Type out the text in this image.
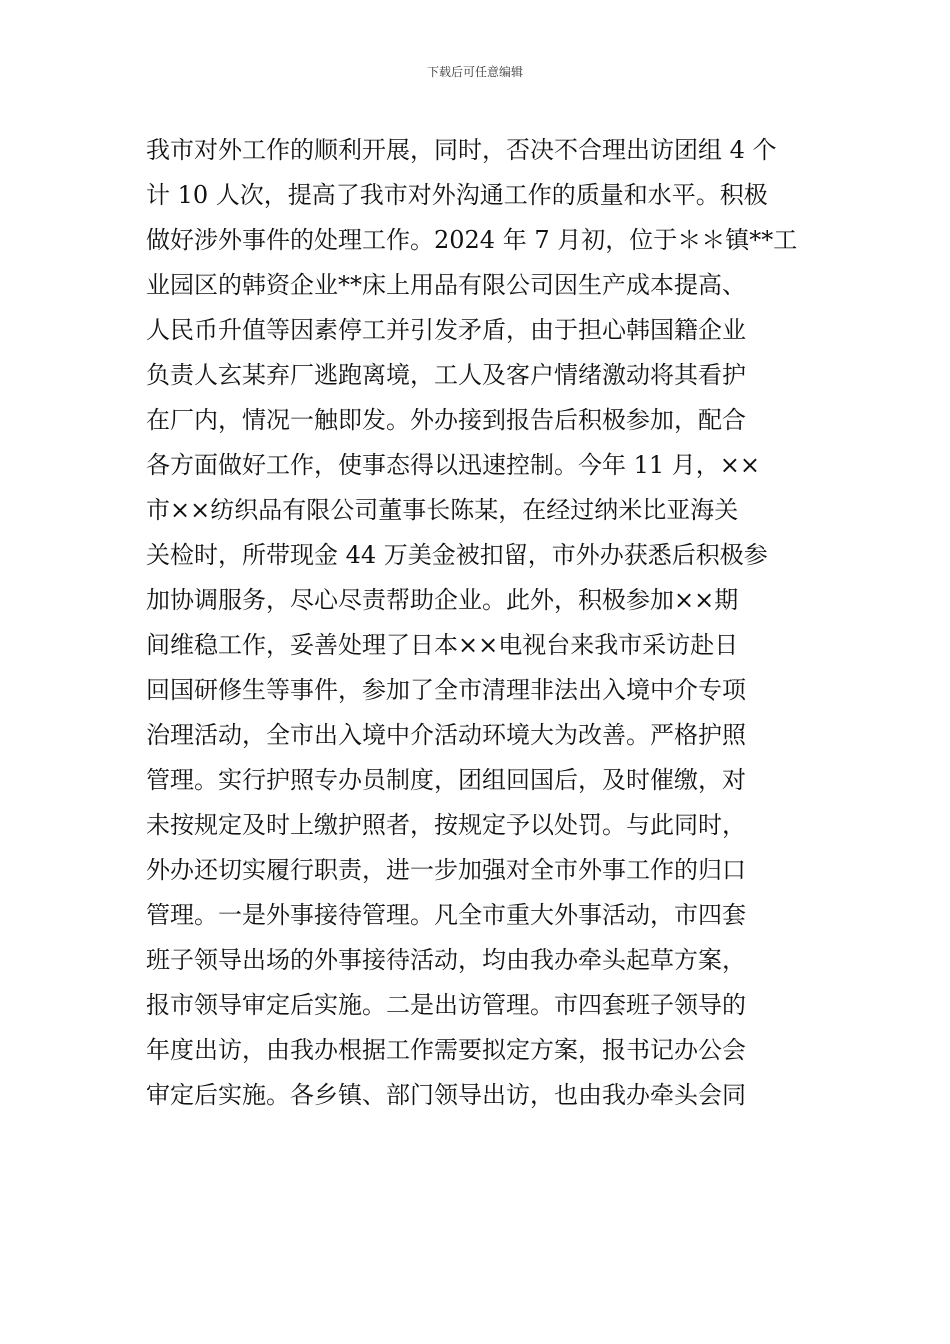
下载后可任意编辑
我市对外工作的顺利开展，同时，否决不合理出访团组 4 个
计 10 人次，提高了我市对外沟通工作的质量和水平。积极
做好涉外事件的处理工作。2024 年 7 月初，位于＊＊镇**工
业园区的韩资企业**床上用品有限公司因生产成本提高、
人民币升值等因素停工并引发矛盾，由于担心韩国籍企业
负责人玄某弃厂逃跑离境，工人及客户情绪激动将其看护
在厂内，情况一触即发。外办接到报告后积极参加，配合
各方面做好工作，使事态得以迅速控制。今年 11 月，××
市××纺织品有限公司董事长陈某，在经过纳米比亚海关
关检时，所带现金 44 万美金被扣留，市外办获悉后积极参
加协调服务，尽心尽责帮助企业。此外，积极参加××期
间维稳工作，妥善处理了日本××电视台来我市采访赴日
回国研修生等事件，参加了全市清理非法出入境中介专项
治理活动，全市出入境中介活动环境大为改善。严格护照
管理。实行护照专办员制度，团组回国后，及时催缴，对
未按规定及时上缴护照者，按规定予以处罚。与此同时，
外办还切实履行职责，进一步加强对全市外事工作的归口
管理。一是外事接待管理。凡全市重大外事活动，市四套
班子领导出场的外事接待活动，均由我办牵头起草方案，
报市领导审定后实施。二是出访管理。市四套班子领导的
年度出访，由我办根据工作需要拟定方案，报书记办公会
审定后实施。各乡镇、部门领导出访，也由我办牵头会同
